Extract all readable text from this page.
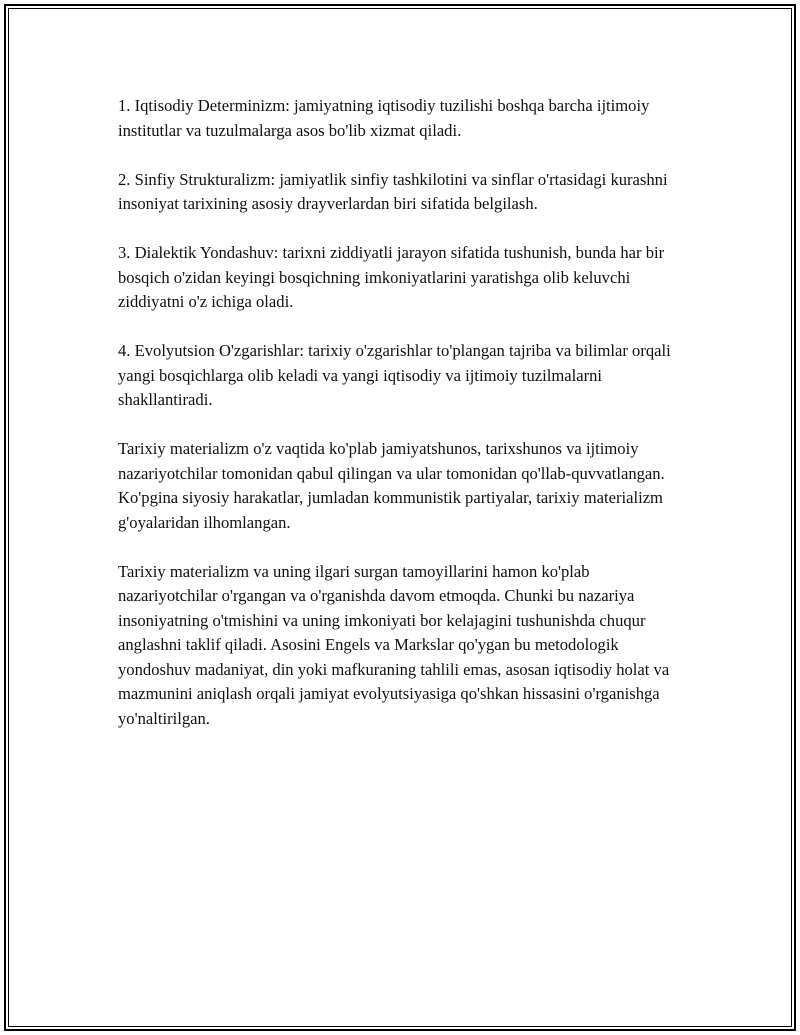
1. Iqtisodiy Determinizm: jamiyatning iqtisodiy tuzilishi boshqa barcha ijtimoiy institutlar va tuzulmalarga asos bo'lib xizmat qiladi.

2. Sinfiy Strukturalizm: jamiyatlik sinfiy tashkilotini va sinflar o'rtasidagi kurashni insoniyat tarixining asosiy drayverlardan biri sifatida belgilash.

3. Dialektik Yondashuv: tarixni ziddiyatli jarayon sifatida tushunish, bunda har bir bosqich o'zidan keyingi bosqichning imkoniyatlarini yaratishga olib keluvchi ziddiyatni o'z ichiga oladi.

4. Evolyutsion O'zgarishlar: tarixiy o'zgarishlar to'plangan tajriba va bilimlar orqali yangi bosqichlarga olib keladi va yangi iqtisodiy va ijtimoiy tuzilmalarni shakllantiradi.

Tarixiy materializm o'z vaqtida ko'plab jamiyatshunos, tarixshunos va ijtimoiy nazariyotchilar tomonidan qabul qilingan va ular tomonidan qo'llab-quvvatlangan. Ko'pgina siyosiy harakatlar, jumladan kommunistik partiyalar, tarixiy materializm g'oyalaridan ilhomlangan.

Tarixiy materializm va uning ilgari surgan tamoyillarini hamon ko'plab nazariyotchilar o'rgangan va o'rganishda davom etmoqda. Chunki bu nazariya insoniyatning o'tmishini va uning imkoniyati bor kelajagini tushunishda chuqur anglashni taklif qiladi. Asosini Engels va Markslar qo'ygan bu metodologik yondoshuv madaniyat, din yoki mafkuraning tahlili emas, asosan iqtisodiy holat va mazmunini aniqlash orqali jamiyat evolyutsiyasiga qo'shkan hissasini o'rganishga yo'naltirilgan.
